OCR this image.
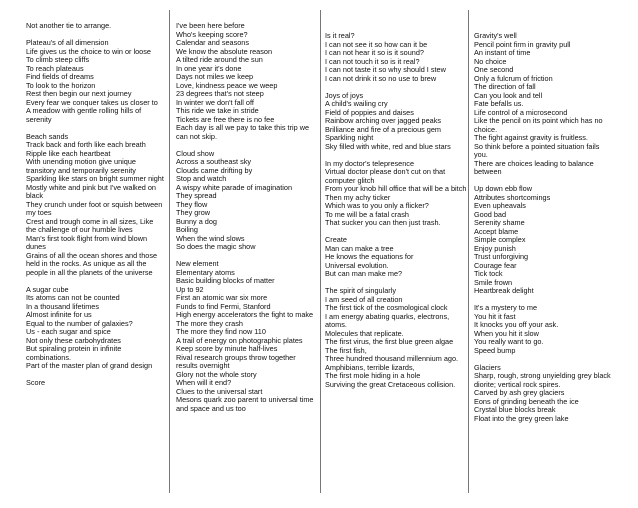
Not another tie to arrange.

Plateau's of all dimension
Life gives us the choice to win or loose
To climb steep cliffs
To reach plateaus
Find fields of dreams
To look to the horizon
Rest then begin our next journey
Every fear we conquer takes us closer to
A meadow with gentle rolling hills of serenity

Beach sands
Track back and forth like each breath
Ripple like each heartbeat
With unending motion give unique transitory and temporarily serenity
Sparkling like stars on bright summer night
Mostly white and pink but I've walked on black
They crunch under foot or squish between my toes
Crest and trough come in all sizes, Like the challenge of our humble lives
Man's first took flight from wind blown dunes
Grains of all the ocean shores and those held in the rocks. As unique as all the people in all the planets of the universe

A sugar cube
Its atoms can not be counted
In a thousand lifetimes
Almost infinite for us
Equal to the number of galaxies?
Us - each sugar and spice
Not only these carbohydrates
But spiraling protein in infinite combinations.
Part of the master plan of grand design

Score
I've been here before
Who's keeping score?
Calendar and seasons
We know the absolute reason
A tilted ride around the sun
In one year it's done
Days not miles we keep
Love, kindness peace we weep
23 degrees that's not steep
In winter we don't fall off
This ride we take in stride
Tickets are free there is no fee
Each day is all we pay to take this trip we can not skip.

Cloud show
Across a southeast sky
Clouds came drifting by
Stop and watch
A wispy white parade of imagination
They spread
They flow
They grow
Bunny a dog
Boiling
When the wind slows
So does the magic show

New element
Elementary atoms
Basic building blocks of matter
Up to 92
First an atomic war six more
Funds to find Fermi, Stanford
High energy accelerators the fight to make
The more they crash
The more they find now 110
A trail of energy on photographic plates
Keep score by minute half-lives
Rival research groups throw together results overnight
Glory not the whole story
When will it end?
Clues to the universal start
Mesons quark zoo parent to universal time and space and us too
Is it real?
I can not see it so how can it be
I can not hear it so is it sound?
I can not touch it so is it real?
I can not taste it so why should I stew
I can not drink it so no use to brew

Joys of joys
A child's wailing cry
Field of poppies and daises
Rainbow arching over jagged peaks
Brilliance and fire of a precious gem
Sparkling night
Sky filled with white, red and blue stars

In my doctor's telepresence
Virtual doctor please don't cut on that computer glitch
From your knob hill office that will be a bitch
Then my achy ticker
Which was to you only a flicker?
To me will be a fatal crash
That sucker you can then just trash.

Create
Man can make a tree
He knows the equations for
Universal evolution.
But can man make me?

The spirit of singularly
I am seed of all creation
The first tick of the cosmological clock
I am energy abating quarks, electrons, atoms.
Molecules that replicate.
The first virus, the first blue green algae
The first fish,
Three hundred thousand millennium ago.
Amphibians, terrible lizards,
The first mole hiding in a hole
Surviving the great Cretaceous collision.
Gravity's well
Pencil point firm in gravity pull
An instant of time
No choice
One second
Only a fulcrum of friction
The direction of fall
Can you look and tell
Fate befalls us.
Life control of a microsecond
Like the pencil on its point which has no choice.
The fight against gravity is fruitless.
So think before a pointed situation fails you.
There are choices leading to balance between

Up down ebb flow
Attributes shortcomings
Even upheavals
Good bad
Serenity shame
Accept blame
Simple complex
Enjoy punish
Trust unforgiving
Courage fear
Tick tock
Smile frown
Heartbreak delight

It's a mystery to me
You hit it fast
It knocks you off your ask.
When you hit it slow
You really want to go.
Speed bump

Glaciers
Sharp, rough, strong unyielding grey black diorite; vertical rock spires.
Carved by ash grey glaciers
Eons of grinding beneath the ice
Crystal blue blocks break
Float into the grey green lake
